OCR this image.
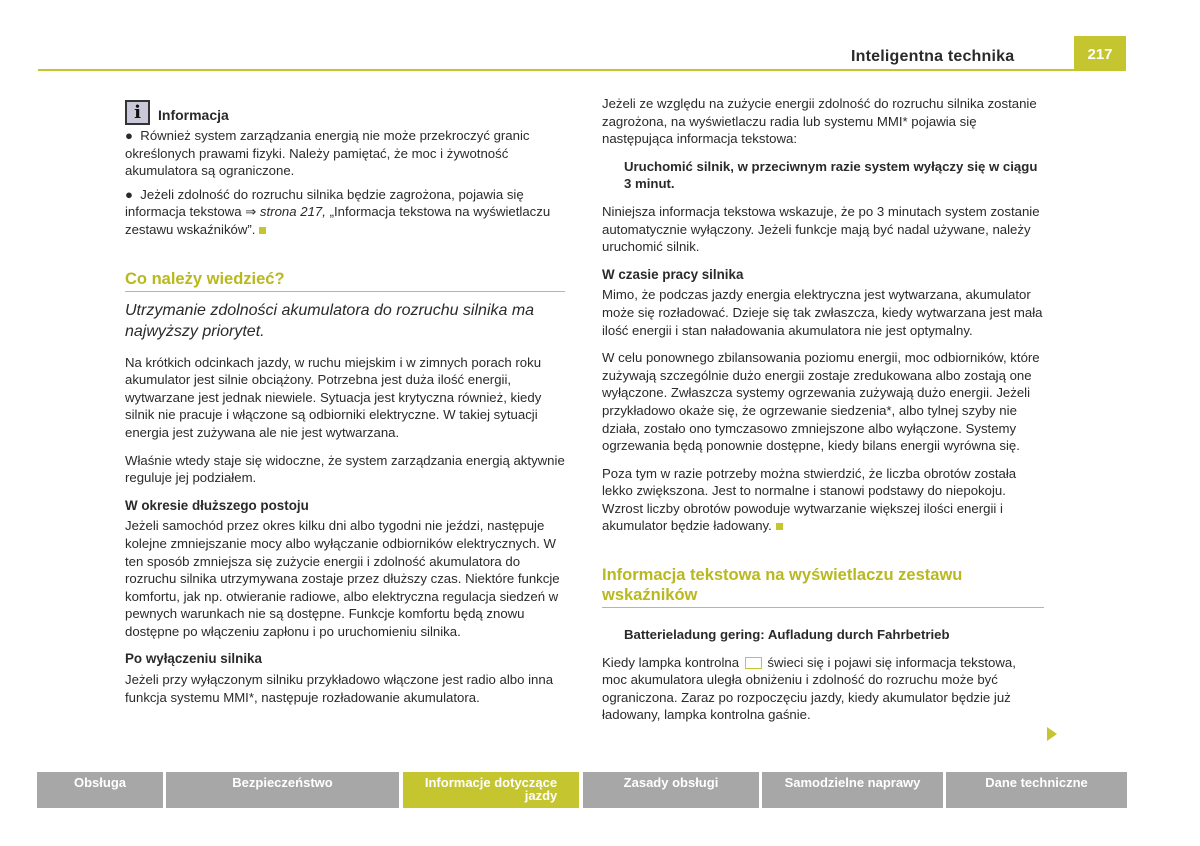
Inteligentna technika	217
i	Informacja

●  Również system zarządzania energią nie może przekroczyć granic określonych prawami fizyki. Należy pamiętać, że moc i żywotność akumulatora są ograniczone.

●  Jeżeli zdolność do rozruchu silnika będzie zagrożona, pojawia się informacja tekstowa ⇒ strona 217, „Informacja tekstowa na wyświetlaczu zestawu wskaźników”.

Co należy wiedzieć?

Utrzymanie zdolności akumulatora do rozruchu silnika ma najwyższy priorytet.

Na krótkich odcinkach jazdy, w ruchu miejskim i w zimnych porach roku akumulator jest silnie obciążony. Potrzebna jest duża ilość energii, wytwarzane jest jednak niewiele. Sytuacja jest krytyczna również, kiedy silnik nie pracuje i włączone są odbiorniki elektryczne. W takiej sytuacji energia jest zużywana ale nie jest wytwarzana.

Właśnie wtedy staje się widoczne, że system zarządzania energią aktywnie reguluje jej podziałem.

W okresie dłuższego postoju

Jeżeli samochód przez okres kilku dni albo tygodni nie jeździ, następuje kolejne zmniejszanie mocy albo wyłączanie odbiorników elektrycznych. W ten sposób zmniejsza się zużycie energii i zdolność akumulatora do rozruchu silnika utrzymywana zostaje przez dłuższy czas. Niektóre funkcje komfortu, jak np. otwieranie radiowe, albo elektryczna regulacja siedzeń w pewnych warunkach nie są dostępne. Funkcje komfortu będą znowu dostępne po włączeniu zapłonu i po uruchomieniu silnika.

Po wyłączeniu silnika

Jeżeli przy wyłączonym silniku przykładowo włączone jest radio albo inna funkcja systemu MMI*, następuje rozładowanie akumulatora.

Jeżeli ze względu na zużycie energii zdolność do rozruchu silnika zostanie zagrożona, na wyświetlaczu radia lub systemu MMI* pojawia się następująca informacja tekstowa:

Uruchomić silnik, w przeciwnym razie system wyłączy się w ciągu 3 minut.

Niniejsza informacja tekstowa wskazuje, że po 3 minutach system zostanie automatycznie wyłączony. Jeżeli funkcje mają być nadal używane, należy uruchomić silnik.

W czasie pracy silnika

Mimo, że podczas jazdy energia elektryczna jest wytwarzana, akumulator może się rozładować. Dzieje się tak zwłaszcza, kiedy wytwarzana jest mała ilość energii i stan naładowania akumulatora nie jest optymalny.

W celu ponownego zbilansowania poziomu energii, moc odbiorników, które zużywają szczególnie dużo energii zostaje zredukowana albo zostają one wyłączone. Zwłaszcza systemy ogrzewania zużywają dużo energii. Jeżeli przykładowo okaże się, że ogrzewanie siedzenia*, albo tylnej szyby nie działa, zostało ono tymczasowo zmniejszone albo wyłączone. Systemy ogrzewania będą ponownie dostępne, kiedy bilans energii wyrówna się.

Poza tym w razie potrzeby można stwierdzić, że liczba obrotów została lekko zwiększona. Jest to normalne i stanowi podstawy do niepokoju. Wzrost liczby obrotów powoduje wytwarzanie większej ilości energii i akumulator będzie ładowany.

Informacja tekstowa na wyświetlaczu zestawu wskaźników

Batterieladung gering: Aufladung durch Fahrbetrieb

Kiedy lampka kontrolna świeci się i pojawi się informacja tekstowa, moc akumulatora uległa obniżeniu i zdolność do rozruchu może być ograniczona. Zaraz po rozpoczęciu jazdy, kiedy akumulator będzie już ładowany, lampka kontrolna gaśnie.

Obsługa	Bezpieczeństwo	Informacje dotyczące
jazdy
Zasady obsługi	Samodzielne naprawy	Dane techniczne
